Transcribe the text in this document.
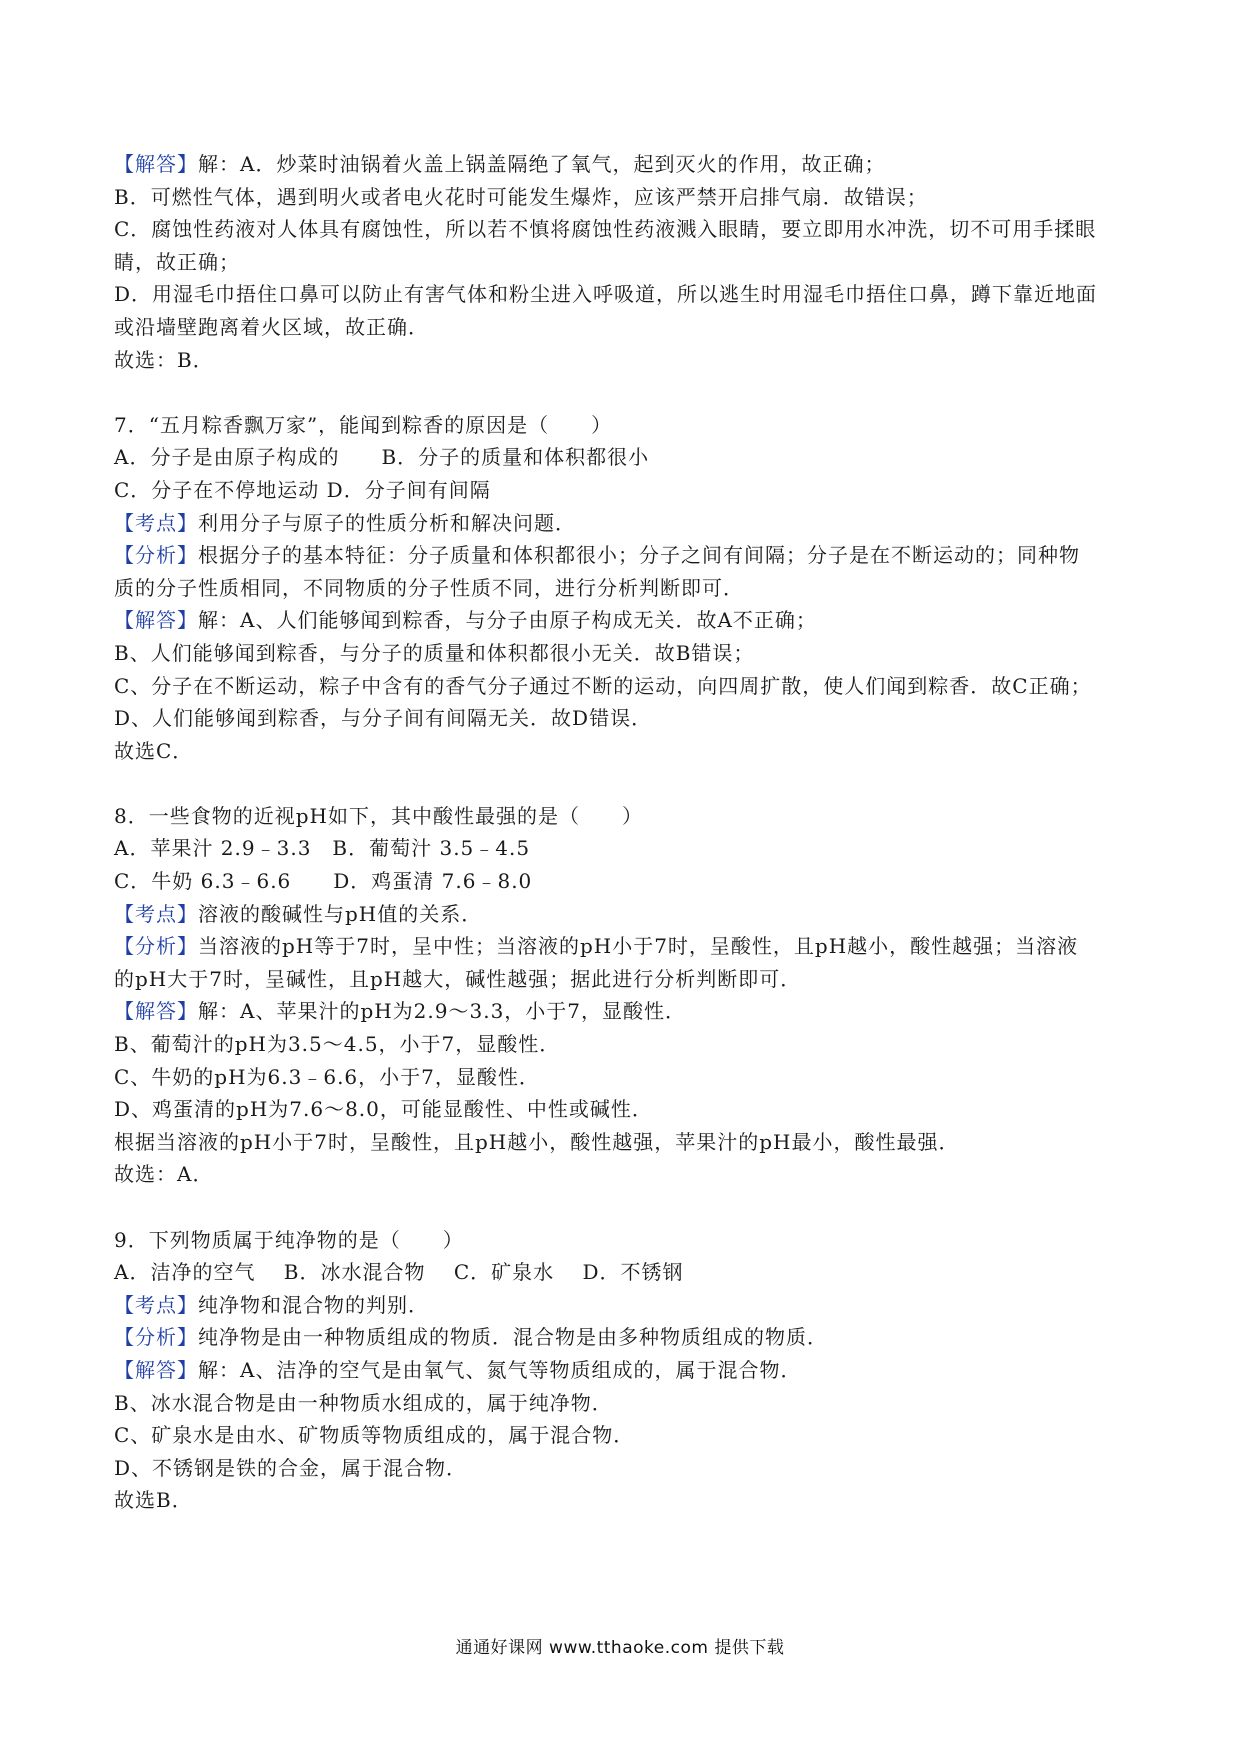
【解答】解：A．炒菜时油锅着火盖上锅盖隔绝了氧气，起到灭火的作用，故正确；
B．可燃性气体，遇到明火或者电火花时可能发生爆炸，应该严禁开启排气扇．故错误；
C．腐蚀性药液对人体具有腐蚀性，所以若不慎将腐蚀性药液溅入眼睛，要立即用水冲洗，切不可用手揉眼
睛，故正确；
D．用湿毛巾捂住口鼻可以防止有害气体和粉尘进入呼吸道，所以逃生时用湿毛巾捂住口鼻，蹲下靠近地面
或沿墙壁跑离着火区域，故正确．
故选：B．
7．“五月粽香飘万家”，能闻到粽香的原因是（　　）
A．分子是由原子构成的　　B．分子的质量和体积都很小
C．分子在不停地运动 D．分子间有间隔
【考点】利用分子与原子的性质分析和解决问题．
【分析】根据分子的基本特征：分子质量和体积都很小；分子之间有间隔；分子是在不断运动的；同种物
质的分子性质相同，不同物质的分子性质不同，进行分析判断即可．
【解答】解：A、人们能够闻到粽香，与分子由原子构成无关．故A不正确；
B、人们能够闻到粽香，与分子的质量和体积都很小无关．故B错误；
C、分子在不断运动，粽子中含有的香气分子通过不断的运动，向四周扩散，使人们闻到粽香．故C正确；
D、人们能够闻到粽香，与分子间有间隔无关．故D错误．
故选C．
8．一些食物的近视pH如下，其中酸性最强的是（　　）
A．苹果汁 2.9﹣3.3　B．葡萄汁 3.5﹣4.5
C．牛奶 6.3﹣6.6　　D．鸡蛋清 7.6﹣8.0
【考点】溶液的酸碱性与pH值的关系．
【分析】当溶液的pH等于7时，呈中性；当溶液的pH小于7时，呈酸性，且pH越小，酸性越强；当溶液
的pH大于7时，呈碱性，且pH越大，碱性越强；据此进行分析判断即可．
【解答】解：A、苹果汁的pH为2.9～3.3，小于7，显酸性．
B、葡萄汁的pH为3.5～4.5，小于7，显酸性．
C、牛奶的pH为6.3﹣6.6，小于7，显酸性．
D、鸡蛋清的pH为7.6～8.0，可能显酸性、中性或碱性．
根据当溶液的pH小于7时，呈酸性，且pH越小，酸性越强，苹果汁的pH最小，酸性最强．
故选：A．
9．下列物质属于纯净物的是（　　）
A．洁净的空气　 B．冰水混合物　 C．矿泉水　 D．不锈钢
【考点】纯净物和混合物的判别．
【分析】纯净物是由一种物质组成的物质．混合物是由多种物质组成的物质．
【解答】解：A、洁净的空气是由氧气、氮气等物质组成的，属于混合物．
B、冰水混合物是由一种物质水组成的，属于纯净物．
C、矿泉水是由水、矿物质等物质组成的，属于混合物．
D、不锈钢是铁的合金，属于混合物．
故选B．
通通好课网 www.tthaoke.com 提供下载
